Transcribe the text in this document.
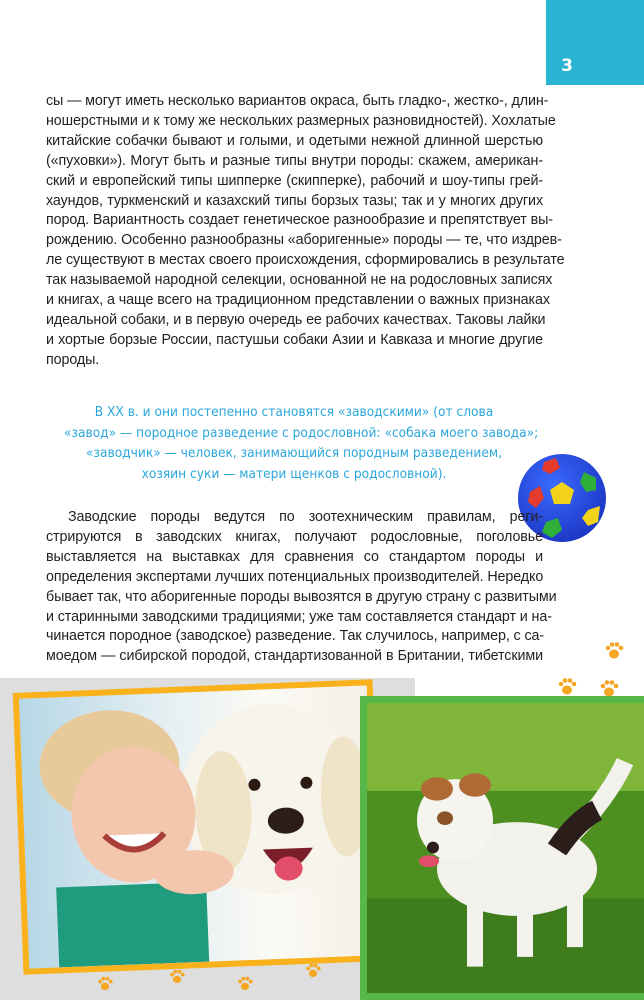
3
сы — могут иметь несколько вариантов окраса, быть гладко-, жестко-, длин-
ношерстными и к тому же нескольких размерных разновидностей). Хохлатые
китайские собачки бывают и голыми, и одетыми нежной длинной шерстью
(«пуховки»). Могут быть и разные типы внутри породы: скажем, американ-
ский и европейский типы шипперке (скипперке), рабочий и шоу-типы грей-
хаундов, туркменский и казахский типы борзых тазы; так и у многих других
пород. Вариантность создает генетическое разнообразие и препятствует вы-
рождению. Особенно разнообразны «аборигенные» породы — те, что издрев-
ле существуют в местах своего происхождения, сформировались в результате
так называемой народной селекции, основанной не на родословных записях
и книгах, а чаще всего на традиционном представлении о важных признаках
идеальной собаки, и в первую очередь ее рабочих качествах. Таковы лайки
и хортые борзые России, пастушьи собаки Азии и Кавказа и многие другие
породы.
В XX в. и они постепенно становятся «заводскими» (от слова
«завод» — породное разведение с родословной: «собака моего завода»;
«заводчик» — человек, занимающийся породным разведением,
хозяин суки — матери щенков с родословной).
Заводские породы ведутся по зоотехническим правилам, реги-
стрируются в заводских книгах, получают родословные, поголовье
выставляется на выставках для сравнения со стандартом породы и
определения экспертами лучших потенциальных производителей. Нередко
бывает так, что аборигенные породы вывозятся в другую страну с развитыми
и старинными заводскими традициями; уже там составляется стандарт и на-
чинается породное (заводское) разведение. Так случилось, например, с са-
моедом — сибирской породой, стандартизованной в Британии, тибетскими
